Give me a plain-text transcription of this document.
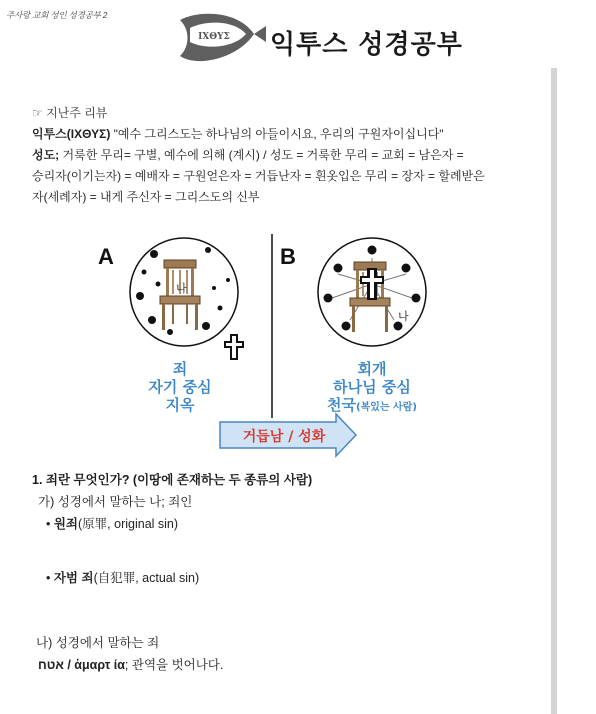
주사랑 교회 성인 성경공부 2
IXΘΥΣ 익투스 성경공부
☞ 지난주 리뷰
익투스(ΙΧΘΥΣ) "예수 그리스도는 하나님의 아들이시요, 우리의 구원자이십니다"
성도; 거룩한 무리= 구별, 예수에 의해 (계시) / 성도 = 거룩한 무리 = 교회 = 남은자 =
승리자(이기는자) = 예배자 = 구원얻은자 = 거듭난자 = 흰옷입은 무리 = 장자 = 할례받은
자(세례자) = 내게 주신자 = 그리스도의 신부
A	B
나
죄
자기 중심
지옥
나
회개
하나님 중심
천국(복있는 사람)
거듭남 / 성화
1. 죄란 무엇인가? (이땅에 존재하는 두 종류의 사람)
가) 성경에서 말하는 나; 죄인
• 원죄(原罪, original sin)
• 자범 죄(自犯罪, actual sin)
나) 성경에서 말하는 죄
אטח / ἁμαρτ ία; 관역을 벗어나다.
